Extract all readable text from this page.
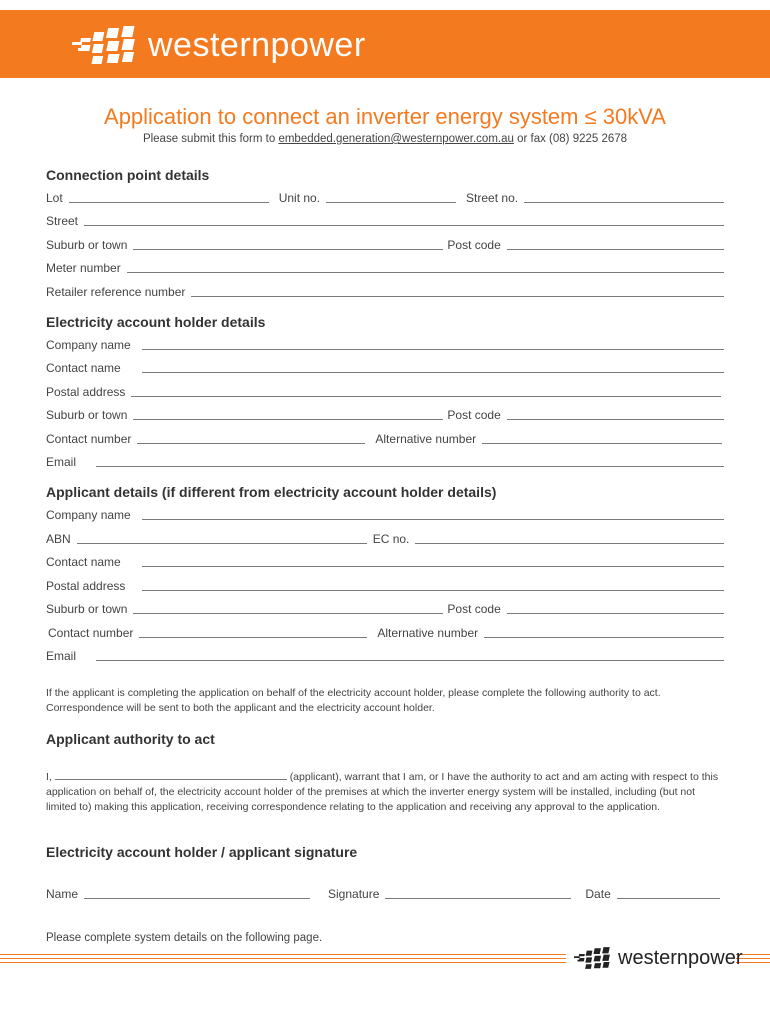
westernpower
Application to connect an inverter energy system ≤ 30kVA
Please submit this form to embedded.generation@westernpower.com.au or fax (08) 9225 2678
Connection point details
Lot	Unit no.	Street no.
Street
Suburb or town	Post code
Meter number
Retailer reference number
Electricity account holder details
Company name
Contact name
Postal address
Suburb or town	Post code
Contact number	Alternative number
Email
Applicant details (if different from electricity account holder details)
Company name
ABN	EC no.
Contact name
Postal address
Suburb or town	Post code
Contact number	Alternative number
Email
If the applicant is completing the application on behalf of the electricity account holder, please complete the following authority to act. Correspondence will be sent to both the applicant and the electricity account holder.
Applicant authority to act
I,	(applicant), warrant that I am, or I have the authority to act and am acting with respect to this application on behalf of, the electricity account holder of the premises at which the inverter energy system will be installed, including (but not limited to) making this application, receiving correspondence relating to the application and receiving any approval to the application.
Electricity account holder / applicant signature
Name	Signature	Date
Please complete system details on the following page.
westernpower
